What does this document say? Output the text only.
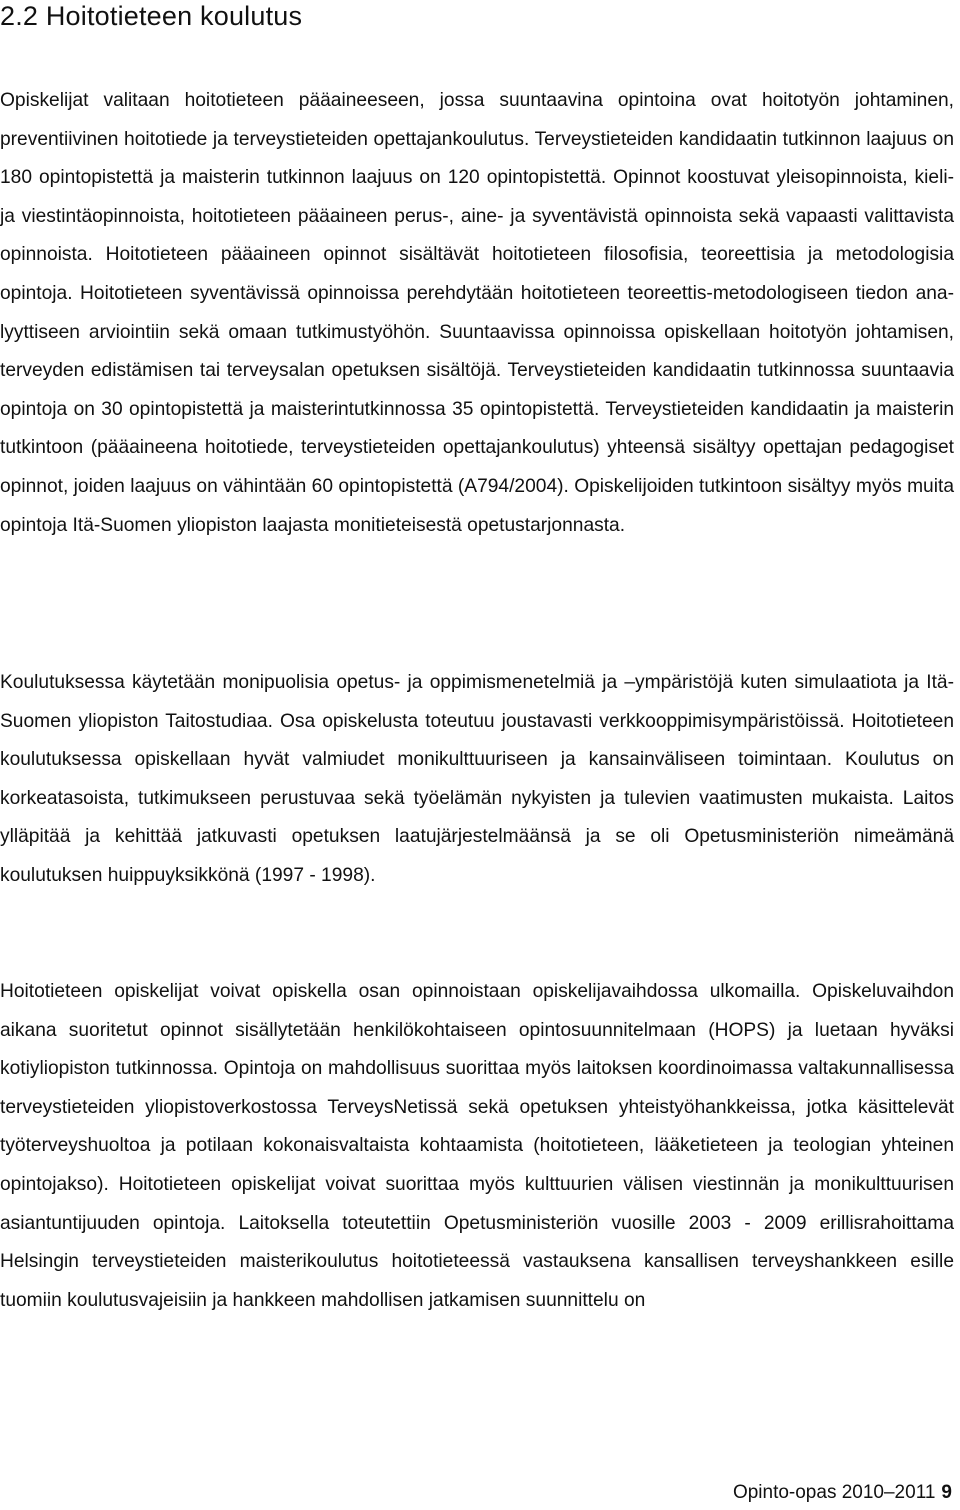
2.2 Hoitotieteen koulutus

Opiskelijat valitaan hoitotieteen pääaineeseen, jossa suuntaavina opintoina ovat hoitotyön johtaminen, preventiivinen hoitotiede ja terveystieteiden opettajankoulutus. Terveystieteiden kandidaatin tutkinnon laajuus on 180 opintopistettä ja maisterin tutkinnon laajuus on 120 opintopistettä. Opinnot koostuvat yleisopinnoista, kieli- ja viestintäopinnoista, hoitotieteen pääaineen perus-, aine- ja syventävistä opinnoista sekä vapaasti valittavista opinnoista. Hoitotieteen pääaineen opinnot sisältävät hoitotieteen filosofisia, teoreettisia ja metodologisia opintoja. Hoitotieteen syventävissä opinnoissa perehdytään hoitotieteen teoreettis-metodologiseen tiedon analyyttiseen arviointiin sekä omaan tutkimustyöhön. Suuntaavissa opinnoissa opiskellaan hoitotyön johtamisen, terveyden edistämisen tai terveysalan opetuksen sisältöjä. Terveystieteiden kandidaatin tutkinnossa suuntaavia opintoja on 30 opintopistettä ja maisterintutkinnossa 35 opintopistettä. Terveystieteiden kandidaatin ja maisterin tutkintoon (pääaineena hoitotiede, terveystieteiden opettajankoulutus) yhteensä sisältyy opettajan pedagogiset opinnot, joiden laajuus on vähintään 60 opintopistettä (A794/2004). Opiskelijoiden tutkintoon sisältyy myös muita opintoja Itä-Suomen yliopiston laajasta monitieteisestä opetustarjonnasta.

Koulutuksessa käytetään monipuolisia opetus- ja oppimismenetelmiä ja –ympäristöjä kuten simulaatiota ja Itä-Suomen yliopiston Taitostudiaa. Osa opiskelusta toteutuu joustavasti verkkooppimisympäristöissä. Hoitotieteen koulutuksessa opiskellaan hyvät valmiudet monikulttuuriseen ja kansainväliseen toimintaan. Koulutus on korkeatasoista, tutkimukseen perustuvaa sekä työelämän nykyisten ja tulevien vaatimusten mukaista. Laitos ylläpitää ja kehittää jatkuvasti opetuksen laatujärjestelmäänsä ja se oli Opetusministeriön nimeämänä koulutuksen huippuyksikkönä (1997 - 1998).

Hoitotieteen opiskelijat voivat opiskella osan opinnoistaan opiskelijavaihdossa ulkomailla. Opiskeluvaihdon aikana suoritetut opinnot sisällytetään henkilökohtaiseen opintosuunnitelmaan (HOPS) ja luetaan hyväksi kotiyliopiston tutkinnossa. Opintoja on mahdollisuus suorittaa myös laitoksen koordinoimassa valtakunnallisessa terveystieteiden yliopistoverkostossa TerveysNetissä sekä opetuksen yhteistyöhankkeissa, jotka käsittelevät työterveyshuoltoa ja potilaan kokonaisvaltaista kohtaamista (hoitotieteen, lääketieteen ja teologian yhteinen opintojakso). Hoitotieteen opiskelijat voivat suorittaa myös kulttuurien välisen viestinnän ja monikulttuurisen asiantuntijuuden opintoja. Laitoksella toteutettiin Opetusministeriön vuosille 2003 - 2009 erillisrahoittama Helsingin terveystieteiden maisterikoulutus hoitotieteessä vastauksena kansallisen terveyshankkeen esille tuomiin koulutusvajeisiin ja hankkeen mahdollisen jatkamisen suunnittelu on

Opinto-opas 2010–2011 9
